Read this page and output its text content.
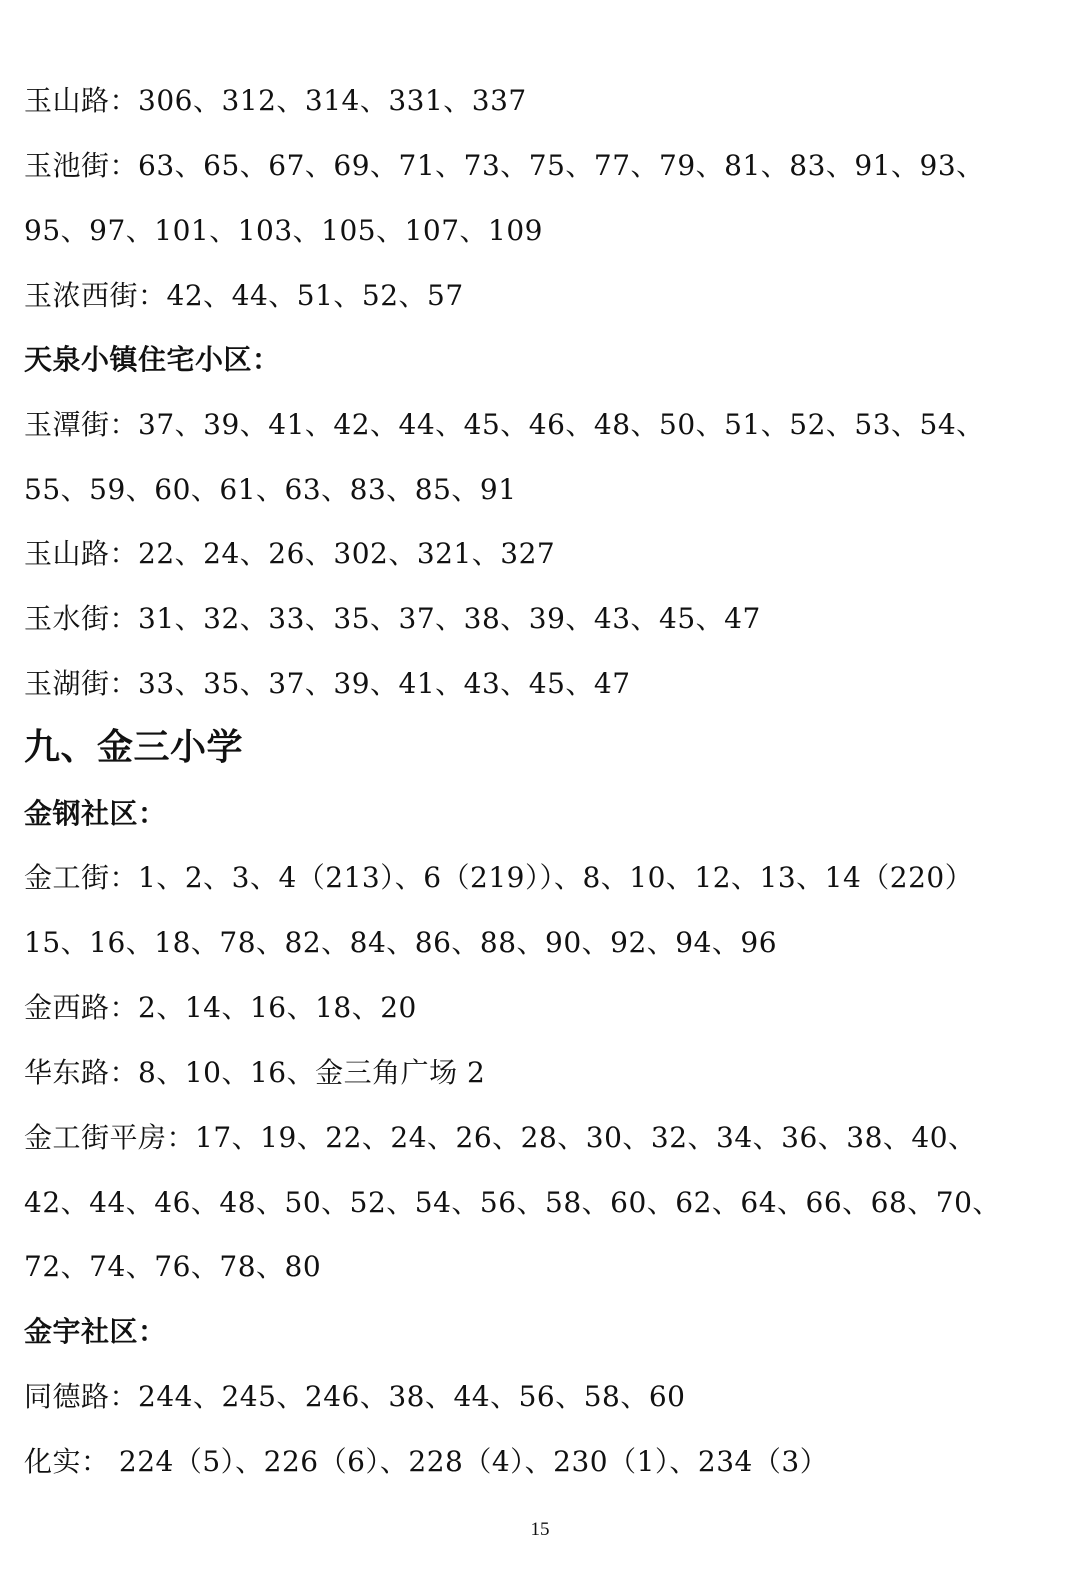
玉山路：306、312、314、331、337
玉池街：63、65、67、69、71、73、75、77、79、81、83、91、93、
95、97、101、103、105、107、109
玉浓西街：42、44、51、52、57
天泉小镇住宅小区：
玉潭街：37、39、41、42、44、45、46、48、50、51、52、53、54、
55、59、60、61、63、83、85、91
玉山路：22、24、26、302、321、327
玉水街：31、32、33、35、37、38、39、43、45、47
玉湖街：33、35、37、39、41、43、45、47
九、金三小学
金钢社区：
金工街：1、2、3、4（213）、6（219））、8、10、12、13、14（220）
15、16、18、78、82、84、86、88、90、92、94、96
金西路：2、14、16、18、20
华东路：8、10、16、金三角广场 2
金工街平房：17、19、22、24、26、28、30、32、34、36、38、40、
42、44、46、48、50、52、54、56、58、60、62、64、66、68、70、
72、74、76、78、80
金宇社区：
同德路：244、245、246、38、44、56、58、60
化实： 224（5）、226（6）、228（4）、230（1）、234（3）
15
